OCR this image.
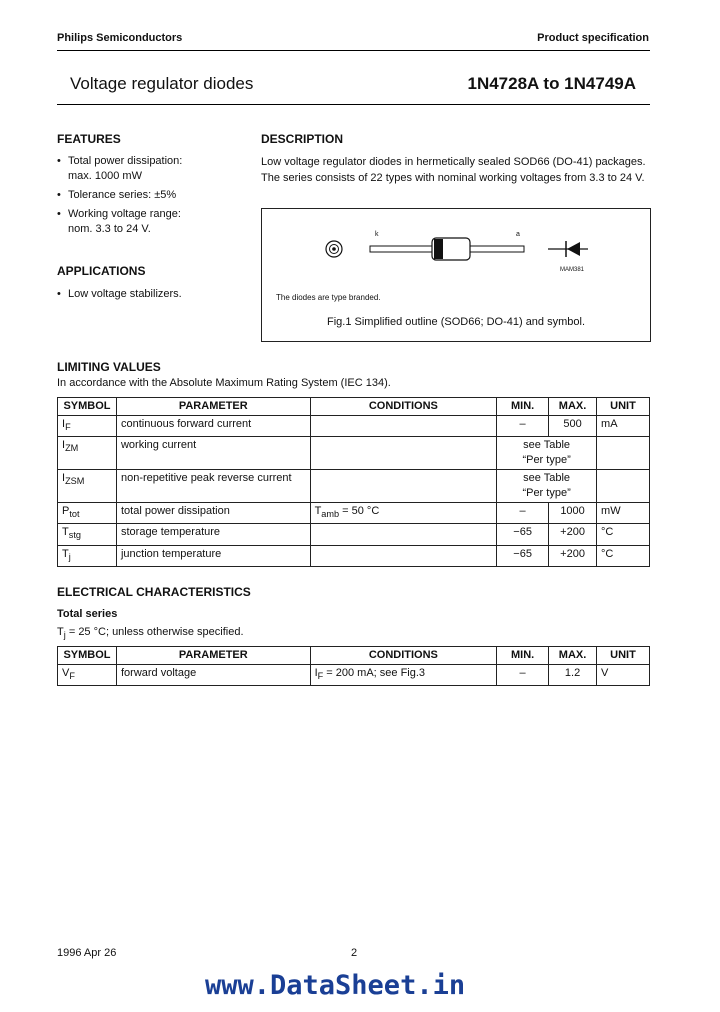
Philips Semiconductors	Product specification
Voltage regulator diodes	1N4728A to 1N4749A
FEATURES
• Total power dissipation:
max. 1000 mW
• Tolerance series: ±5%
• Working voltage range:
nom. 3.3 to 24 V.
APPLICATIONS
• Low voltage stabilizers.
DESCRIPTION
Low voltage regulator diodes in hermetically sealed SOD66 (DO-41) packages. The series consists of 22 types with nominal working voltages from 3.3 to 24 V.
k	a
MAM381
The diodes are type branded.
Fig.1 Simplified outline (SOD66; DO-41) and symbol.
LIMITING VALUES
In accordance with the Absolute Maximum Rating System (IEC 134).
SYMBOL	PARAMETER	CONDITIONS	MIN.	MAX.	UNIT
$I_F$	continuous forward current		–	500	mA
$I_{ZM}$	working current		see Table
“Per type”		
$I_{ZSM}$	non-repetitive peak reverse current		see Table
“Per type”		
$P_{tot}$	total power dissipation	$T_{amb} = 50$ °C	–	1000	mW
$T_{stg}$	storage temperature		−65	+200	°C
$T_j$	junction temperature		−65	+200	°C
ELECTRICAL CHARACTERISTICS
Total series
$T_j = 25$ °C; unless otherwise specified.
SYMBOL	PARAMETER	CONDITIONS	MIN.	MAX.	UNIT
$V_F$	forward voltage	$I_F = 200$ mA; see Fig.3	–	1.2	V
1996 Apr 26	2
www.DataSheet.in
